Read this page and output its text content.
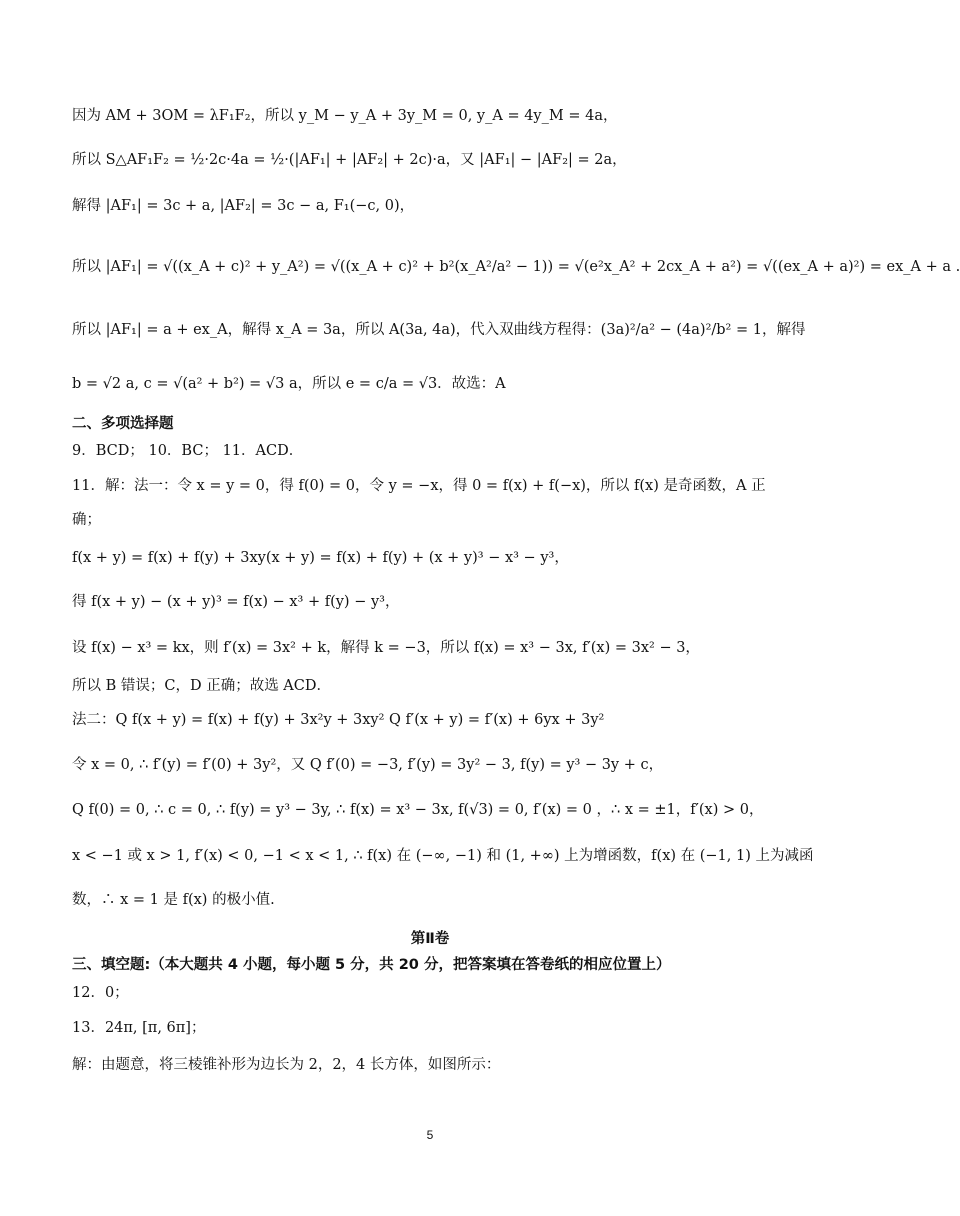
因为 AM + 3OM = λF₁F₂，所以 y_M − y_A + 3y_M = 0, y_A = 4y_M = 4a，
所以 S△AF₁F₂ = ½·2c·4a = ½·(|AF₁| + |AF₂| + 2c)·a，又 |AF₁| − |AF₂| = 2a，
解得 |AF₁| = 3c + a, |AF₂| = 3c − a, F₁(−c, 0)，
所以 |AF₁| = √((x_A + c)² + y_A²) = √((x_A + c)² + b²(x_A²/a² − 1)) = √(e²x_A² + 2cx_A + a²) = √((ex_A + a)²) = ex_A + a .
所以 |AF₁| = a + ex_A，解得 x_A = 3a，所以 A(3a, 4a)，代入双曲线方程得：(3a)²/a² − (4a)²/b² = 1，解得
b = √2 a, c = √(a² + b²) = √3 a，所以 e = c/a = √3．故选：A
二、多项选择题
9．BCD； 10．BC； 11．ACD．
11．解：法一：令 x = y = 0，得 f(0) = 0，令 y = −x，得 0 = f(x) + f(−x)，所以 f(x) 是奇函数，A 正
确；
f(x + y) = f(x) + f(y) + 3xy(x + y) = f(x) + f(y) + (x + y)³ − x³ − y³，
得 f(x + y) − (x + y)³ = f(x) − x³ + f(y) − y³，
设 f(x) − x³ = kx，则 f′(x) = 3x² + k，解得 k = −3，所以 f(x) = x³ − 3x, f′(x) = 3x² − 3，
所以 B 错误；C，D 正确；故选 ACD．
法二：Q f(x + y) = f(x) + f(y) + 3x²y + 3xy² Q f′(x + y) = f′(x) + 6yx + 3y²
令 x = 0, ∴ f′(y) = f′(0) + 3y²，又 Q f′(0) = −3, f′(y) = 3y² − 3, f(y) = y³ − 3y + c，
Q f(0) = 0, ∴ c = 0, ∴ f(y) = y³ − 3y, ∴ f(x) = x³ − 3x, f(√3) = 0, f′(x) = 0 ，∴ x = ±1，f′(x) > 0，
x < −1 或 x > 1, f′(x) < 0, −1 < x < 1, ∴ f(x) 在 (−∞, −1) 和 (1, +∞) 上为增函数，f(x) 在 (−1, 1) 上为减函
数，∴ x = 1 是 f(x) 的极小值.
第Ⅱ卷
三、填空题:（本大题共 4 小题，每小题 5 分，共 20 分，把答案填在答卷纸的相应位置上）
12．0；
13．24π, [π, 6π]；
解：由题意，将三棱锥补形为边长为 2，2，4 长方体，如图所示：
5
